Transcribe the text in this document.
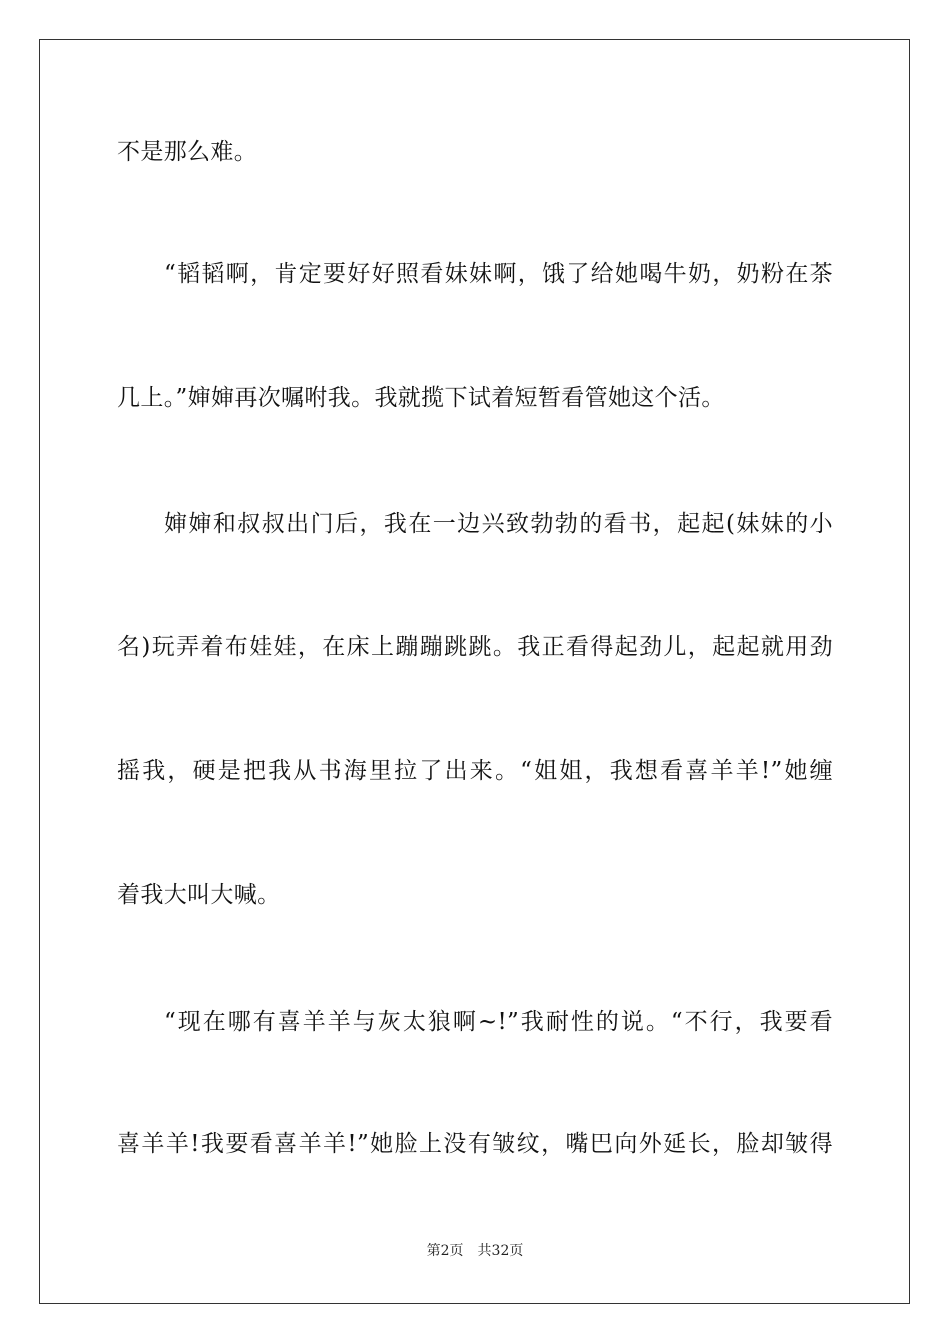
不是那么难。
“韬韬啊，肯定要好好照看妹妹啊，饿了给她喝牛奶，奶粉在茶
几上。”婶婶再次嘱咐我。我就揽下试着短暂看管她这个活。
婶婶和叔叔出门后，我在一边兴致勃勃的看书，起起(妹妹的小
名)玩弄着布娃娃，在床上蹦蹦跳跳。我正看得起劲儿，起起就用劲
摇我，硬是把我从书海里拉了出来。“姐姐，我想看喜羊羊!”她缠
着我大叫大喊。
“现在哪有喜羊羊与灰太狼啊~!”我耐性的说。“不行，我要看
喜羊羊!我要看喜羊羊!”她脸上没有皱纹，嘴巴向外延长，脸却皱得
第2页 共32页
